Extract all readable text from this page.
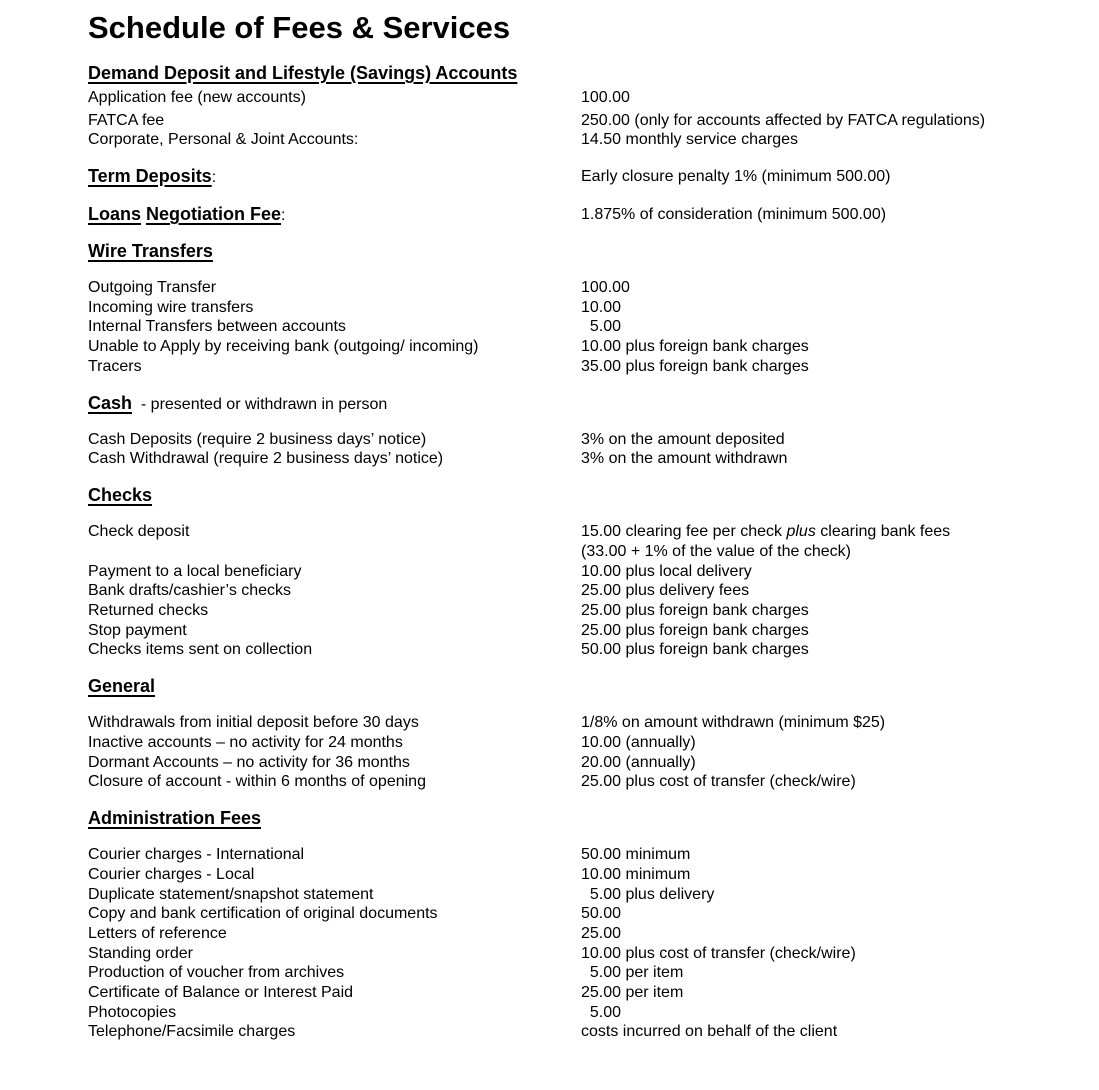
Schedule of Fees & Services
Demand Deposit and Lifestyle (Savings) Accounts
Application fee (new accounts)	100.00
FATCA fee	250.00 (only for accounts affected by FATCA regulations)
Corporate, Personal & Joint Accounts:	14.50 monthly service charges
Term Deposits:	Early closure penalty 1% (minimum 500.00)
Loans Negotiation Fee:	1.875% of consideration (minimum 500.00)
Wire Transfers
Outgoing Transfer	100.00
Incoming wire transfers	10.00
Internal Transfers between accounts	5.00
Unable to Apply by receiving bank (outgoing/ incoming)	10.00 plus foreign bank charges
Tracers	35.00 plus foreign bank charges
Cash  - presented or withdrawn in person
Cash Deposits (require 2 business days’ notice)	3% on the amount deposited
Cash Withdrawal (require 2 business days’ notice)	3% on the amount withdrawn
Checks
Check deposit	15.00 clearing fee per check plus clearing bank fees
(33.00 + 1% of the value of the check)
Payment to a local beneficiary	10.00 plus local delivery
Bank drafts/cashier’s checks	25.00 plus delivery fees
Returned checks	25.00 plus foreign bank charges
Stop payment	25.00 plus foreign bank charges
Checks items sent on collection	50.00 plus foreign bank charges
General
Withdrawals from initial deposit before 30 days	1/8% on amount withdrawn (minimum $25)
Inactive accounts – no activity for 24 months	10.00 (annually)
Dormant Accounts – no activity for 36 months	20.00 (annually)
Closure of account - within 6 months of opening	25.00 plus cost of transfer (check/wire)
Administration Fees
Courier charges - International	50.00 minimum
Courier charges - Local	10.00 minimum
Duplicate statement/snapshot statement	5.00 plus delivery
Copy and bank certification of original documents	50.00
Letters of reference	25.00
Standing order	10.00 plus cost of transfer (check/wire)
Production of voucher from archives	5.00 per item
Certificate of Balance or Interest Paid	25.00 per item
Photocopies	5.00
Telephone/Facsimile charges	costs incurred on behalf of the client
